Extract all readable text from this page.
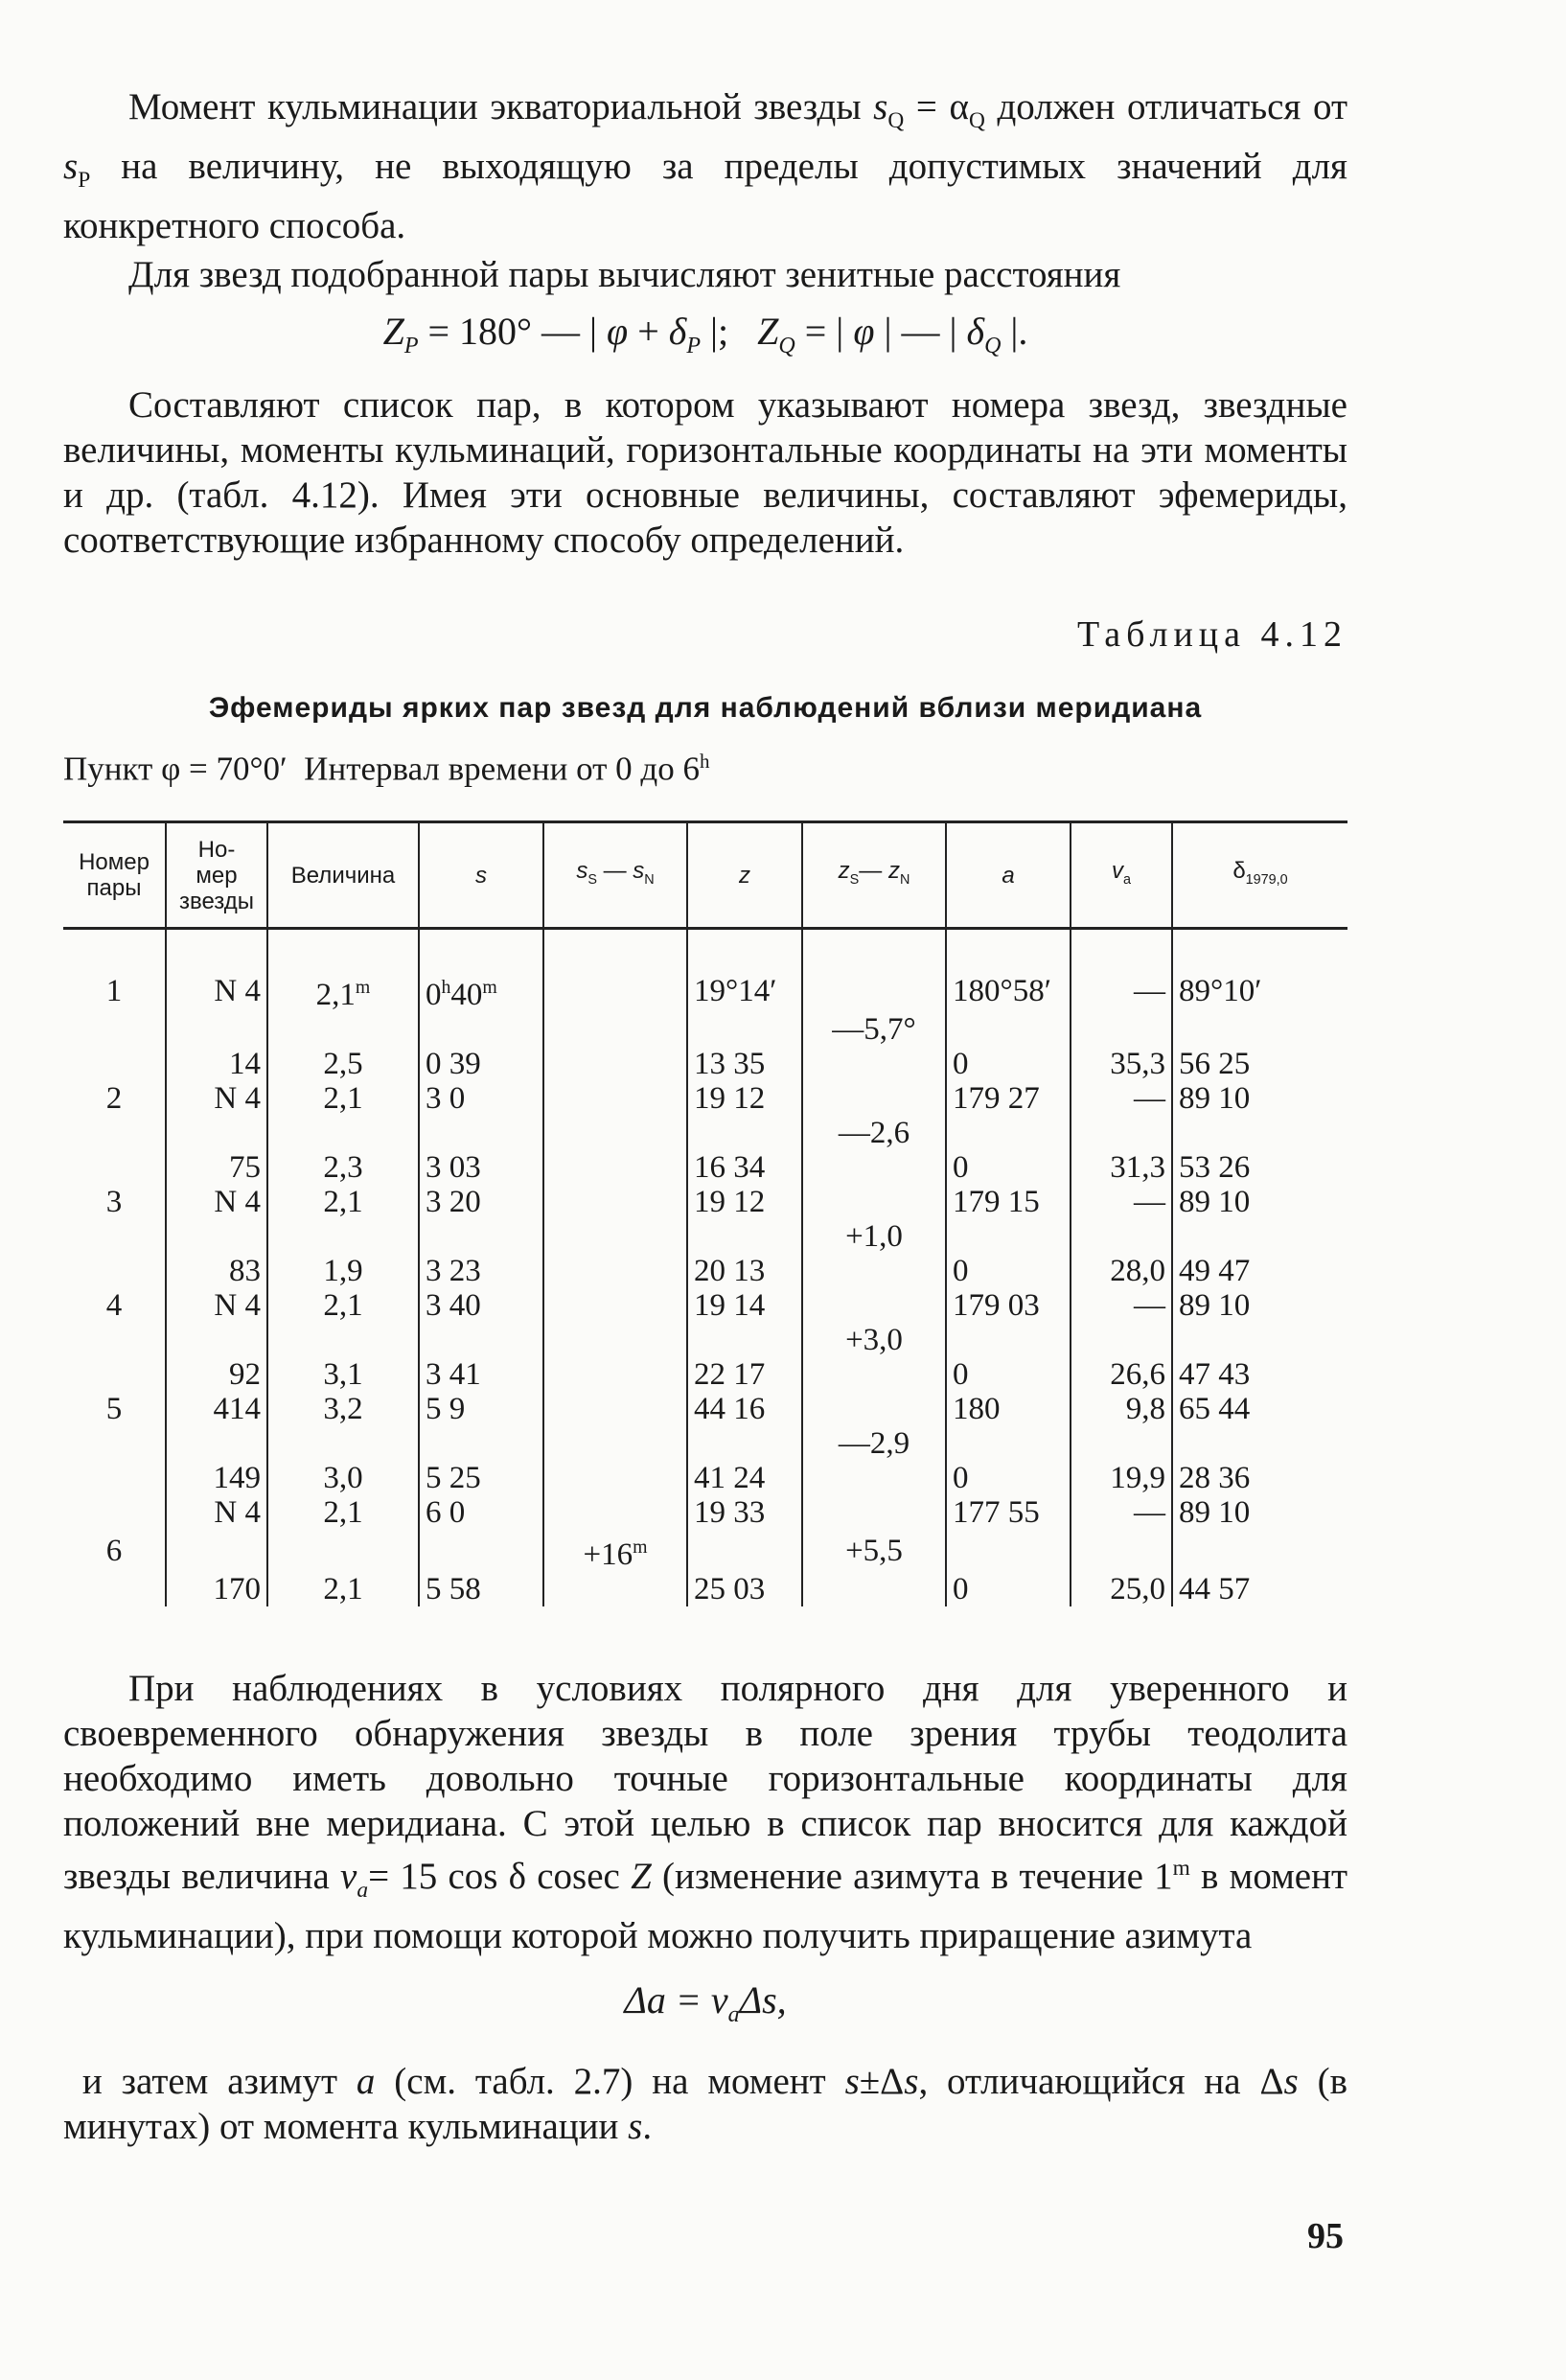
Момент кульминации экваториальной звезды $s_Q = \alpha_Q$ должен отличаться от $s_P$ на величину, не выходящую за пределы допустимых значений для конкретного способа.

Для звезд подобранной пары вычисляют зенитные расстояния

$Z_P = 180^\circ$ — | $\varphi + \delta_P$ |;   $Z_Q$ = | φ | — | $\delta_Q$ |.

Составляют список пар, в котором указывают номера звезд, звездные величины, моменты кульминаций, горизонтальные координаты на эти моменты и др. (табл. 4.12). Имея эти основные величины, составляют эфемериды, соответствующие избранному способу определений.

Таблица 4.12
Эфемериды ярких пар звезд для наблюдений вблизи меридиана
Пункт φ = 70°0′  Интервал времени от 0 до 6$^h$
Номер
пары	Но-
мер
звезды	Величина	s	$s_S$ — $s_N$	z	$z_S—$ $z_N$	a	$v_a$	$\delta_{1979,0}$

1	N 4	2,1$^m$	0$^h$40$^m$		19°14′		180°58′	—	89°10′
						—5,7°			
	14	2,5	0 39		13 35		0	35,3	56 25
2	N 4	2,1	3 0		19 12		179 27	—	89 10
						—2,6			
	75	2,3	3 03		16 34		0	31,3	53 26
3	N 4	2,1	3 20		19 12		179 15	—	89 10
						+1,0			
	83	1,9	3 23		20 13		0	28,0	49 47
4	N 4	2,1	3 40		19 14		179 03	—	89 10
						+3,0			
	92	3,1	3 41		22 17		0	26,6	47 43
5	414	3,2	5 9		44 16		180	9,8	65 44
						—2,9			
	149	3,0	5 25		41 24		0	19,9	28 36
	N 4	2,1	6 0		19 33		177 55	—	89 10
6				$+16^m$		+5,5			
	170	2,1	5 58		25 03		0	25,0	44 57

При наблюдениях в условиях полярного дня для уверенного и своевременного обнаружения звезды в поле зрения трубы теодолита необходимо иметь довольно точные горизонтальные координаты для положений вне меридиана. С этой целью в список пар вносится для каждой звезды величина $v_a= 15$ cos δ cosec Z (изменение азимута в течение 1$^m$ в момент кульминации), при помощи которой можно получить приращение азимута

$\Delta a = v_a\Delta s$,

и затем азимут a (см. табл. 2.7) на момент s±Δs, отличающийся на Δs (в минутах) от момента кульминации s.

95
